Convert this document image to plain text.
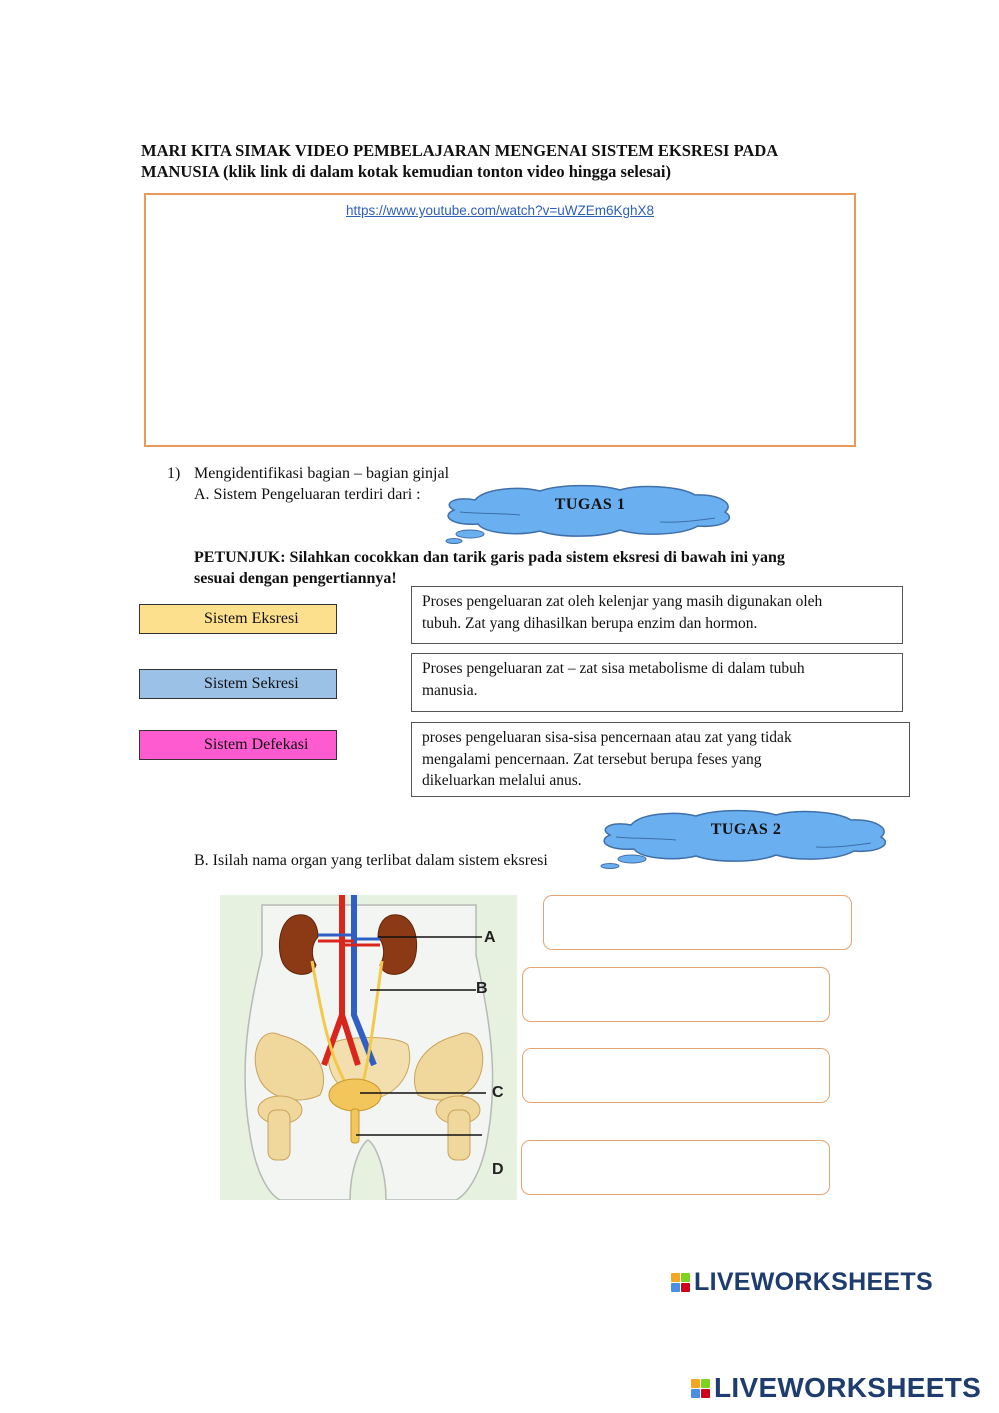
MARI KITA SIMAK VIDEO PEMBELAJARAN MENGENAI SISTEM EKSRESI PADA
MANUSIA (klik link di dalam kotak kemudian tonton video hingga selesai)
https://www.youtube.com/watch?v=uWZEm6KghX8
1) Mengidentifikasi bagian – bagian ginjal
A. Sistem Pengeluaran terdiri dari :
TUGAS 1
PETUNJUK: Silahkan cocokkan dan tarik garis pada sistem eksresi di bawah ini yang
sesuai dengan pengertiannya!
Sistem Eksresi
Sistem Sekresi
Sistem Defekasi
Proses pengeluaran zat oleh kelenjar yang masih digunakan oleh
tubuh. Zat yang dihasilkan berupa enzim dan hormon.
Proses pengeluaran zat – zat sisa metabolisme di dalam tubuh
manusia.
proses pengeluaran sisa-sisa pencernaan atau zat yang tidak
mengalami pencernaan. Zat tersebut berupa feses yang
dikeluarkan melalui anus.
TUGAS 2
B. Isilah nama organ yang terlibat dalam sistem eksresi
A
B
C
D
LIVEWORKSHEETS
LIVEWORKSHEETS
